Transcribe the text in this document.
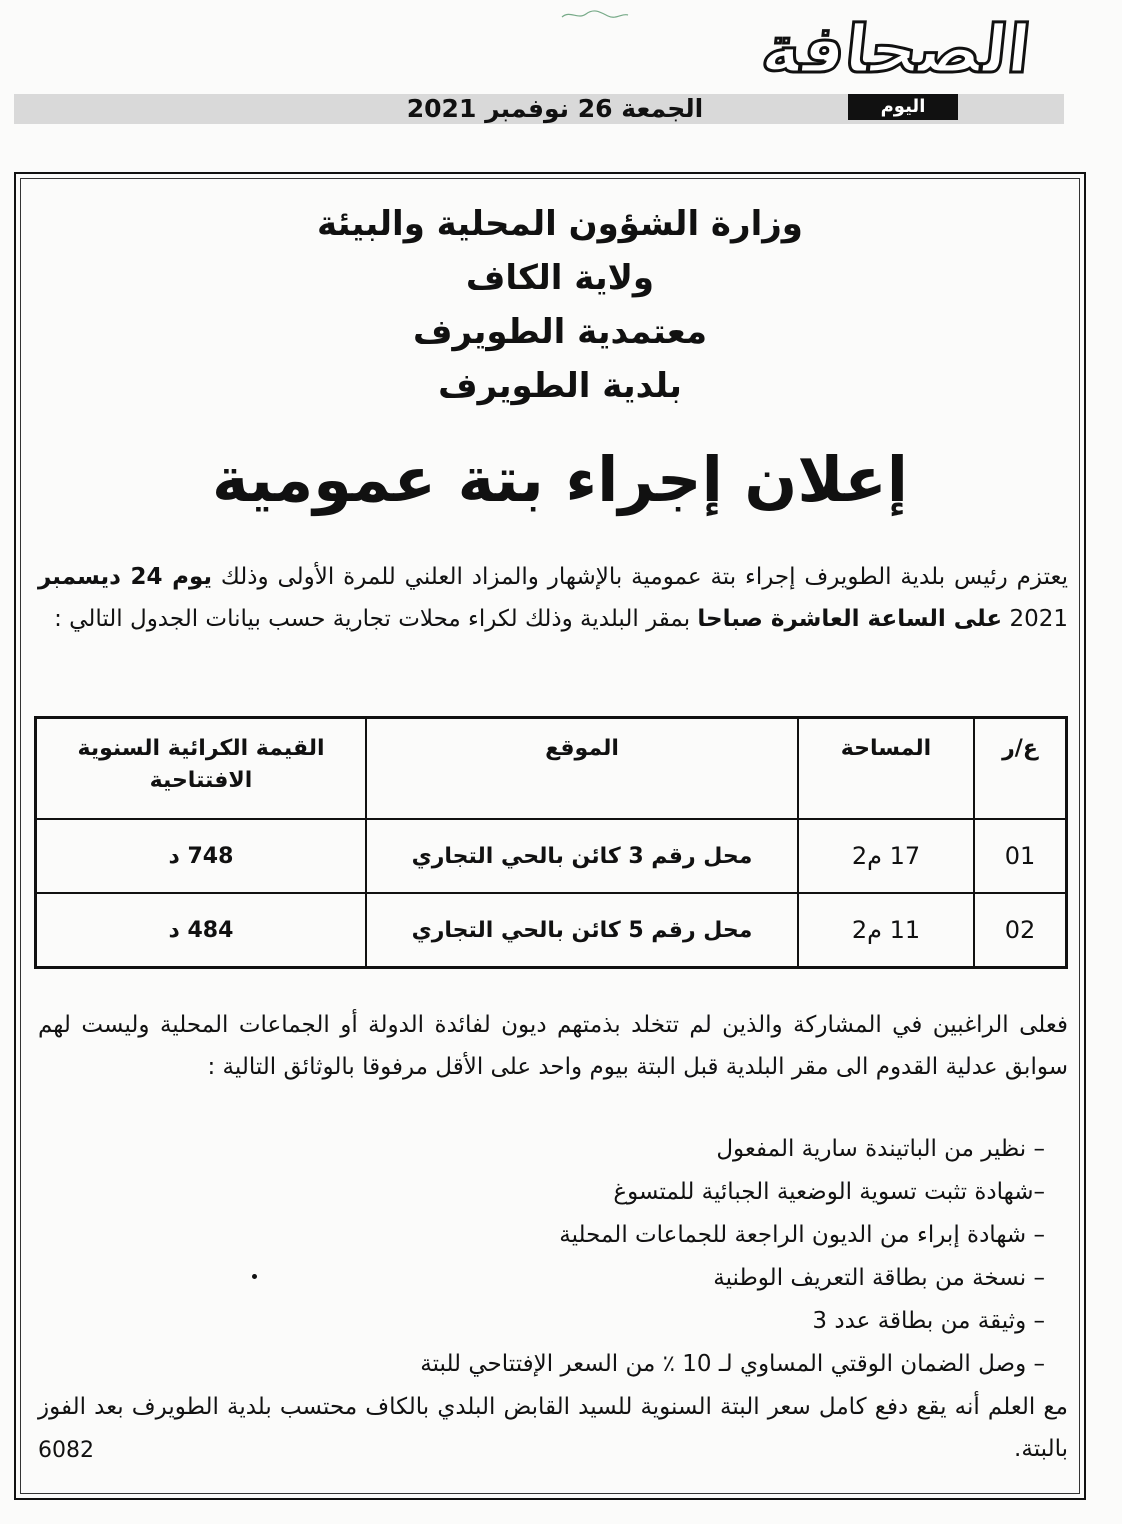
الجمعة 26 نوفمبر 2021
الصحافة
اليوم
وزارة الشؤون المحلية والبيئة
ولاية الكاف
معتمدية الطويرف
بلدية الطويرف
إعلان إجراء بتة عمومية
يعتزم رئيس بلدية الطويرف إجراء بتة عمومية بالإشهار والمزاد العلني للمرة الأولى وذلك يوم 24 ديسمبر 2021 على الساعة العاشرة صباحا بمقر البلدية وذلك لكراء محلات تجارية حسب بيانات الجدول التالي :
ع/ر	المساحة	الموقع	القيمة الكرائية السنوية الافتتاحية
01	17 م2	محل رقم 3 كائن بالحي التجاري	748 د
02	11 م2	محل رقم 5 كائن بالحي التجاري	484 د
فعلى الراغبين في المشاركة والذين لم تتخلد بذمتهم ديون لفائدة الدولة أو الجماعات المحلية وليست لهم سوابق عدلية القدوم الى مقر البلدية قبل البتة بيوم واحد على الأقل مرفوقا بالوثائق التالية :
– نظير من الباتيندة سارية المفعول
–شهادة تثبت تسوية الوضعية الجبائية للمتسوغ
– شهادة إبراء من الديون الراجعة للجماعات المحلية
– نسخة من بطاقة التعريف الوطنية
– وثيقة من بطاقة عدد 3
– وصل الضمان الوقتي المساوي لـ 10 ٪ من السعر الإفتتاحي للبتة
مع العلم أنه يقع دفع كامل سعر البتة السنوية للسيد القابض البلدي بالكاف محتسب بلدية الطويرف بعد الفوز بالبتة.
6082
